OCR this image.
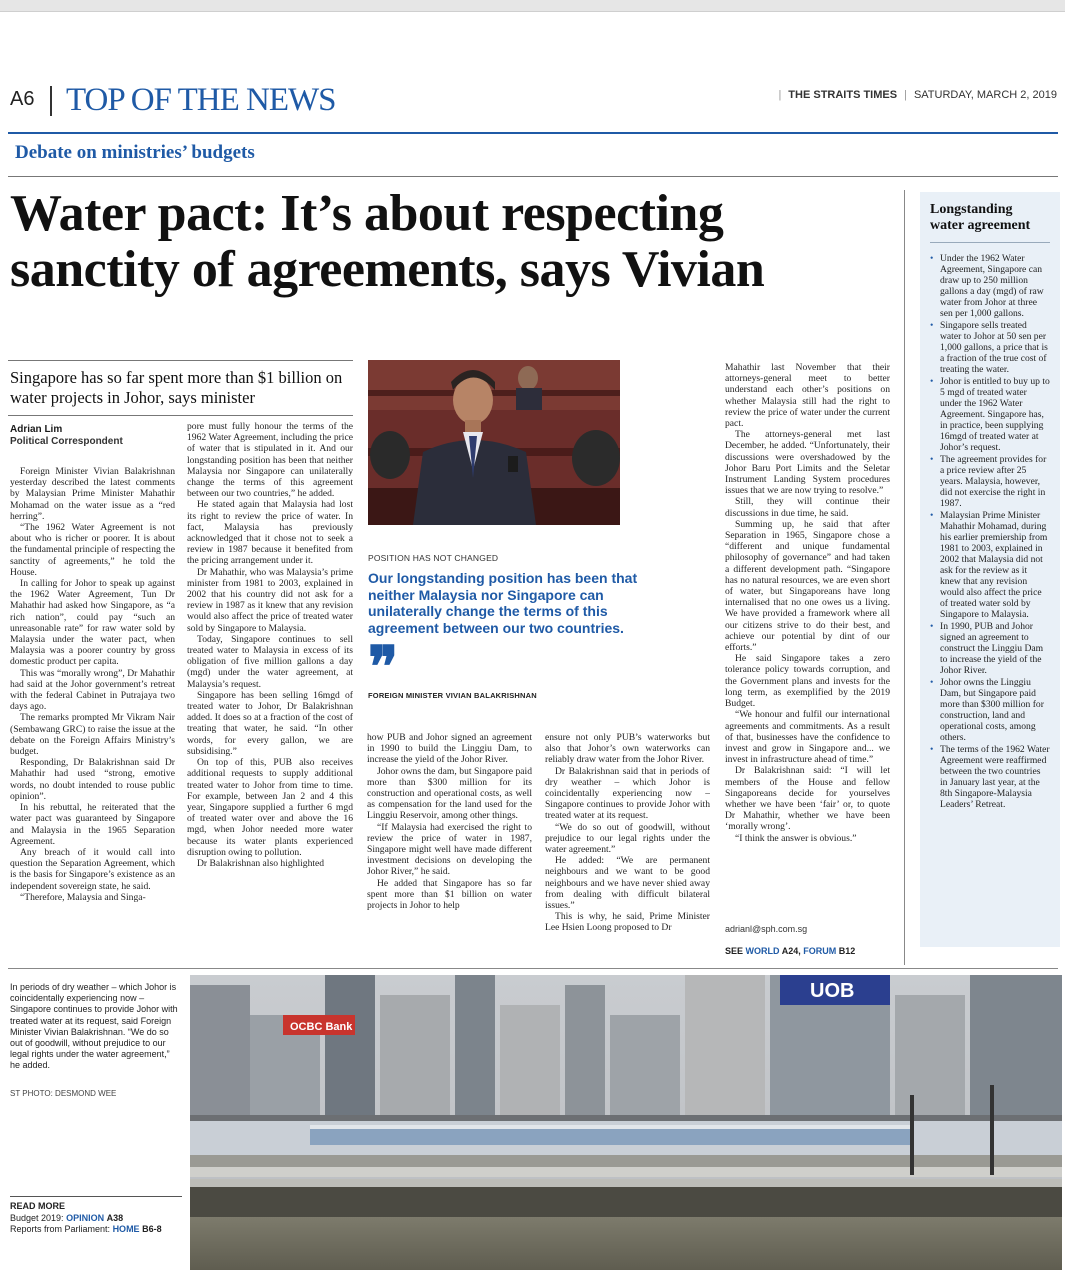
A6 TOP OF THE NEWS	| THE STRAITS TIMES | SATURDAY, MARCH 2, 2019
Debate on ministries’ budgets
Water pact: It’s about respecting
sanctity of agreements, says Vivian
Singapore has so far spent more than $1 billion on water projects in Johor, says minister
Adrian Lim
Political Correspondent

Foreign Minister Vivian Balakrishnan yesterday described the latest comments by Malaysian Prime Minister Mahathir Mohamad on the water issue as a “red herring”.

“The 1962 Water Agreement is not about who is richer or poorer. It is about the fundamental principle of respecting the sanctity of agreements,” he told the House.

In calling for Johor to speak up against the 1962 Water Agreement, Tun Dr Mahathir had asked how Singapore, as “a rich nation”, could pay “such an unreasonable rate” for raw water sold by Malaysia under the water pact, when Malaysia was a poorer country by gross domestic product per capita.

This was “morally wrong”, Dr Mahathir had said at the Johor government’s retreat with the federal Cabinet in Putrajaya two days ago.

The remarks prompted Mr Vikram Nair (Sembawang GRC) to raise the issue at the debate on the Foreign Affairs Ministry’s budget.

Responding, Dr Balakrishnan said Dr Mahathir had used “strong, emotive words, no doubt intended to rouse public opinion”.

In his rebuttal, he reiterated that the water pact was guaranteed by Singapore and Malaysia in the 1965 Separation Agreement.

Any breach of it would call into question the Separation Agreement, which is the basis for Singapore’s existence as an independent sovereign state, he said.

“Therefore, Malaysia and Singa-

pore must fully honour the terms of the 1962 Water Agreement, including the price of water that is stipulated in it. And our longstanding position has been that neither Malaysia nor Singapore can unilaterally change the terms of this agreement between our two countries,” he added.

He stated again that Malaysia had lost its right to review the price of water. In fact, Malaysia has previously acknowledged that it chose not to seek a review in 1987 because it benefited from the pricing arrangement under it.

Dr Mahathir, who was Malaysia’s prime minister from 1981 to 2003, explained in 2002 that his country did not ask for a review in 1987 as it knew that any revision would also affect the price of treated water sold by Singapore to Malaysia.

Today, Singapore continues to sell treated water to Malaysia in excess of its obligation of five million gallons a day (mgd) under the water agreement, at Malaysia’s request.

Singapore has been selling 16mgd of treated water to Johor, Dr Balakrishnan added. It does so at a fraction of the cost of treating that water, he said. “In other words, for every gallon, we are subsidising.”

On top of this, PUB also receives additional requests to supply additional treated water to Johor from time to time. For example, between Jan 2 and 4 this year, Singapore supplied a further 6 mgd of treated water over and above the 16 mgd, when Johor needed more water because its water plants experienced disruption owing to pollution.

Dr Balakrishnan also highlighted

POSITION HAS NOT CHANGED
Our longstanding position has been that neither Malaysia nor Singapore can unilaterally change the terms of this agreement between our two countries.
❞
FOREIGN MINISTER VIVIAN BALAKRISHNAN

how PUB and Johor signed an agreement in 1990 to build the Linggiu Dam, to increase the yield of the Johor River.

Johor owns the dam, but Singapore paid more than $300 million for its construction and operational costs, as well as compensation for the land used for the Linggiu Reservoir, among other things.

“If Malaysia had exercised the right to review the price of water in 1987, Singapore might well have made different investment decisions on developing the Johor River,” he said.

He added that Singapore has so far spent more than $1 billion on water projects in Johor to help

ensure not only PUB’s waterworks but also that Johor’s own waterworks can reliably draw water from the Johor River.

Dr Balakrishnan said that in periods of dry weather – which Johor is coincidentally experiencing now – Singapore continues to provide Johor with treated water at its request.

“We do so out of goodwill, without prejudice to our legal rights under the water agreement.”

He added: “We are permanent neighbours and we want to be good neighbours and we have never shied away from dealing with difficult bilateral issues.”

This is why, he said, Prime Minister Lee Hsien Loong proposed to Dr

Mahathir last November that their attorneys-general meet to better understand each other’s positions on whether Malaysia still had the right to review the price of water under the current pact.

The attorneys-general met last December, he added. “Unfortunately, their discussions were overshadowed by the Johor Baru Port Limits and the Seletar Instrument Landing System procedures issues that we are now trying to resolve.”

Still, they will continue their discussions in due time, he said.

Summing up, he said that after Separation in 1965, Singapore chose a “different and unique fundamental philosophy of governance” and had taken a different development path. “Singapore has no natural resources, we are even short of water, but Singaporeans have long internalised that no one owes us a living. We have provided a framework where all our citizens strive to do their best, and achieve our potential by dint of our efforts.”

He said Singapore takes a zero tolerance policy towards corruption, and the Government plans and invests for the long term, as exemplified by the 2019 Budget.

“We honour and fulfil our international agreements and commitments. As a result of that, businesses have the confidence to invest and grow in Singapore and... we invest in infrastructure ahead of time.”

Dr Balakrishnan said: “I will let members of the House and fellow Singaporeans decide for yourselves whether we have been ‘fair’ or, to quote Dr Mahathir, whether we have been ‘morally wrong’.

“I think the answer is obvious.”

adrianl@sph.com.sg
SEE WORLD A24, FORUM B12
Longstanding water agreement
• Under the 1962 Water Agreement, Singapore can draw up to 250 million gallons a day (mgd) of raw water from Johor at three sen per 1,000 gallons.
• Singapore sells treated water to Johor at 50 sen per 1,000 gallons, a price that is a fraction of the true cost of treating the water.
• Johor is entitled to buy up to 5 mgd of treated water under the 1962 Water Agreement. Singapore has, in practice, been supplying 16mgd of treated water at Johor’s request.
• The agreement provides for a price review after 25 years. Malaysia, however, did not exercise the right in 1987.
• Malaysian Prime Minister Mahathir Mohamad, during his earlier premiership from 1981 to 2003, explained in 2002 that Malaysia did not ask for the review as it knew that any revision would also affect the price of treated water sold by Singapore to Malaysia.
• In 1990, PUB and Johor signed an agreement to construct the Linggiu Dam to increase the yield of the Johor River.
• Johor owns the Linggiu Dam, but Singapore paid more than $300 million for construction, land and operational costs, among others.
• The terms of the 1962 Water Agreement were reaffirmed between the two countries in January last year, at the 8th Singapore-Malaysia Leaders’ Retreat.
In periods of dry weather – which Johor is coincidentally experiencing now – Singapore continues to provide Johor with treated water at its request, said Foreign Minister Vivian Balakrishnan. “We do so out of goodwill, without prejudice to our legal rights under the water agreement,” he added.
ST PHOTO: DESMOND WEE
READ MORE
Budget 2019: OPINION A38
Reports from Parliament: HOME B6-8
OCBC Bank
UOB
